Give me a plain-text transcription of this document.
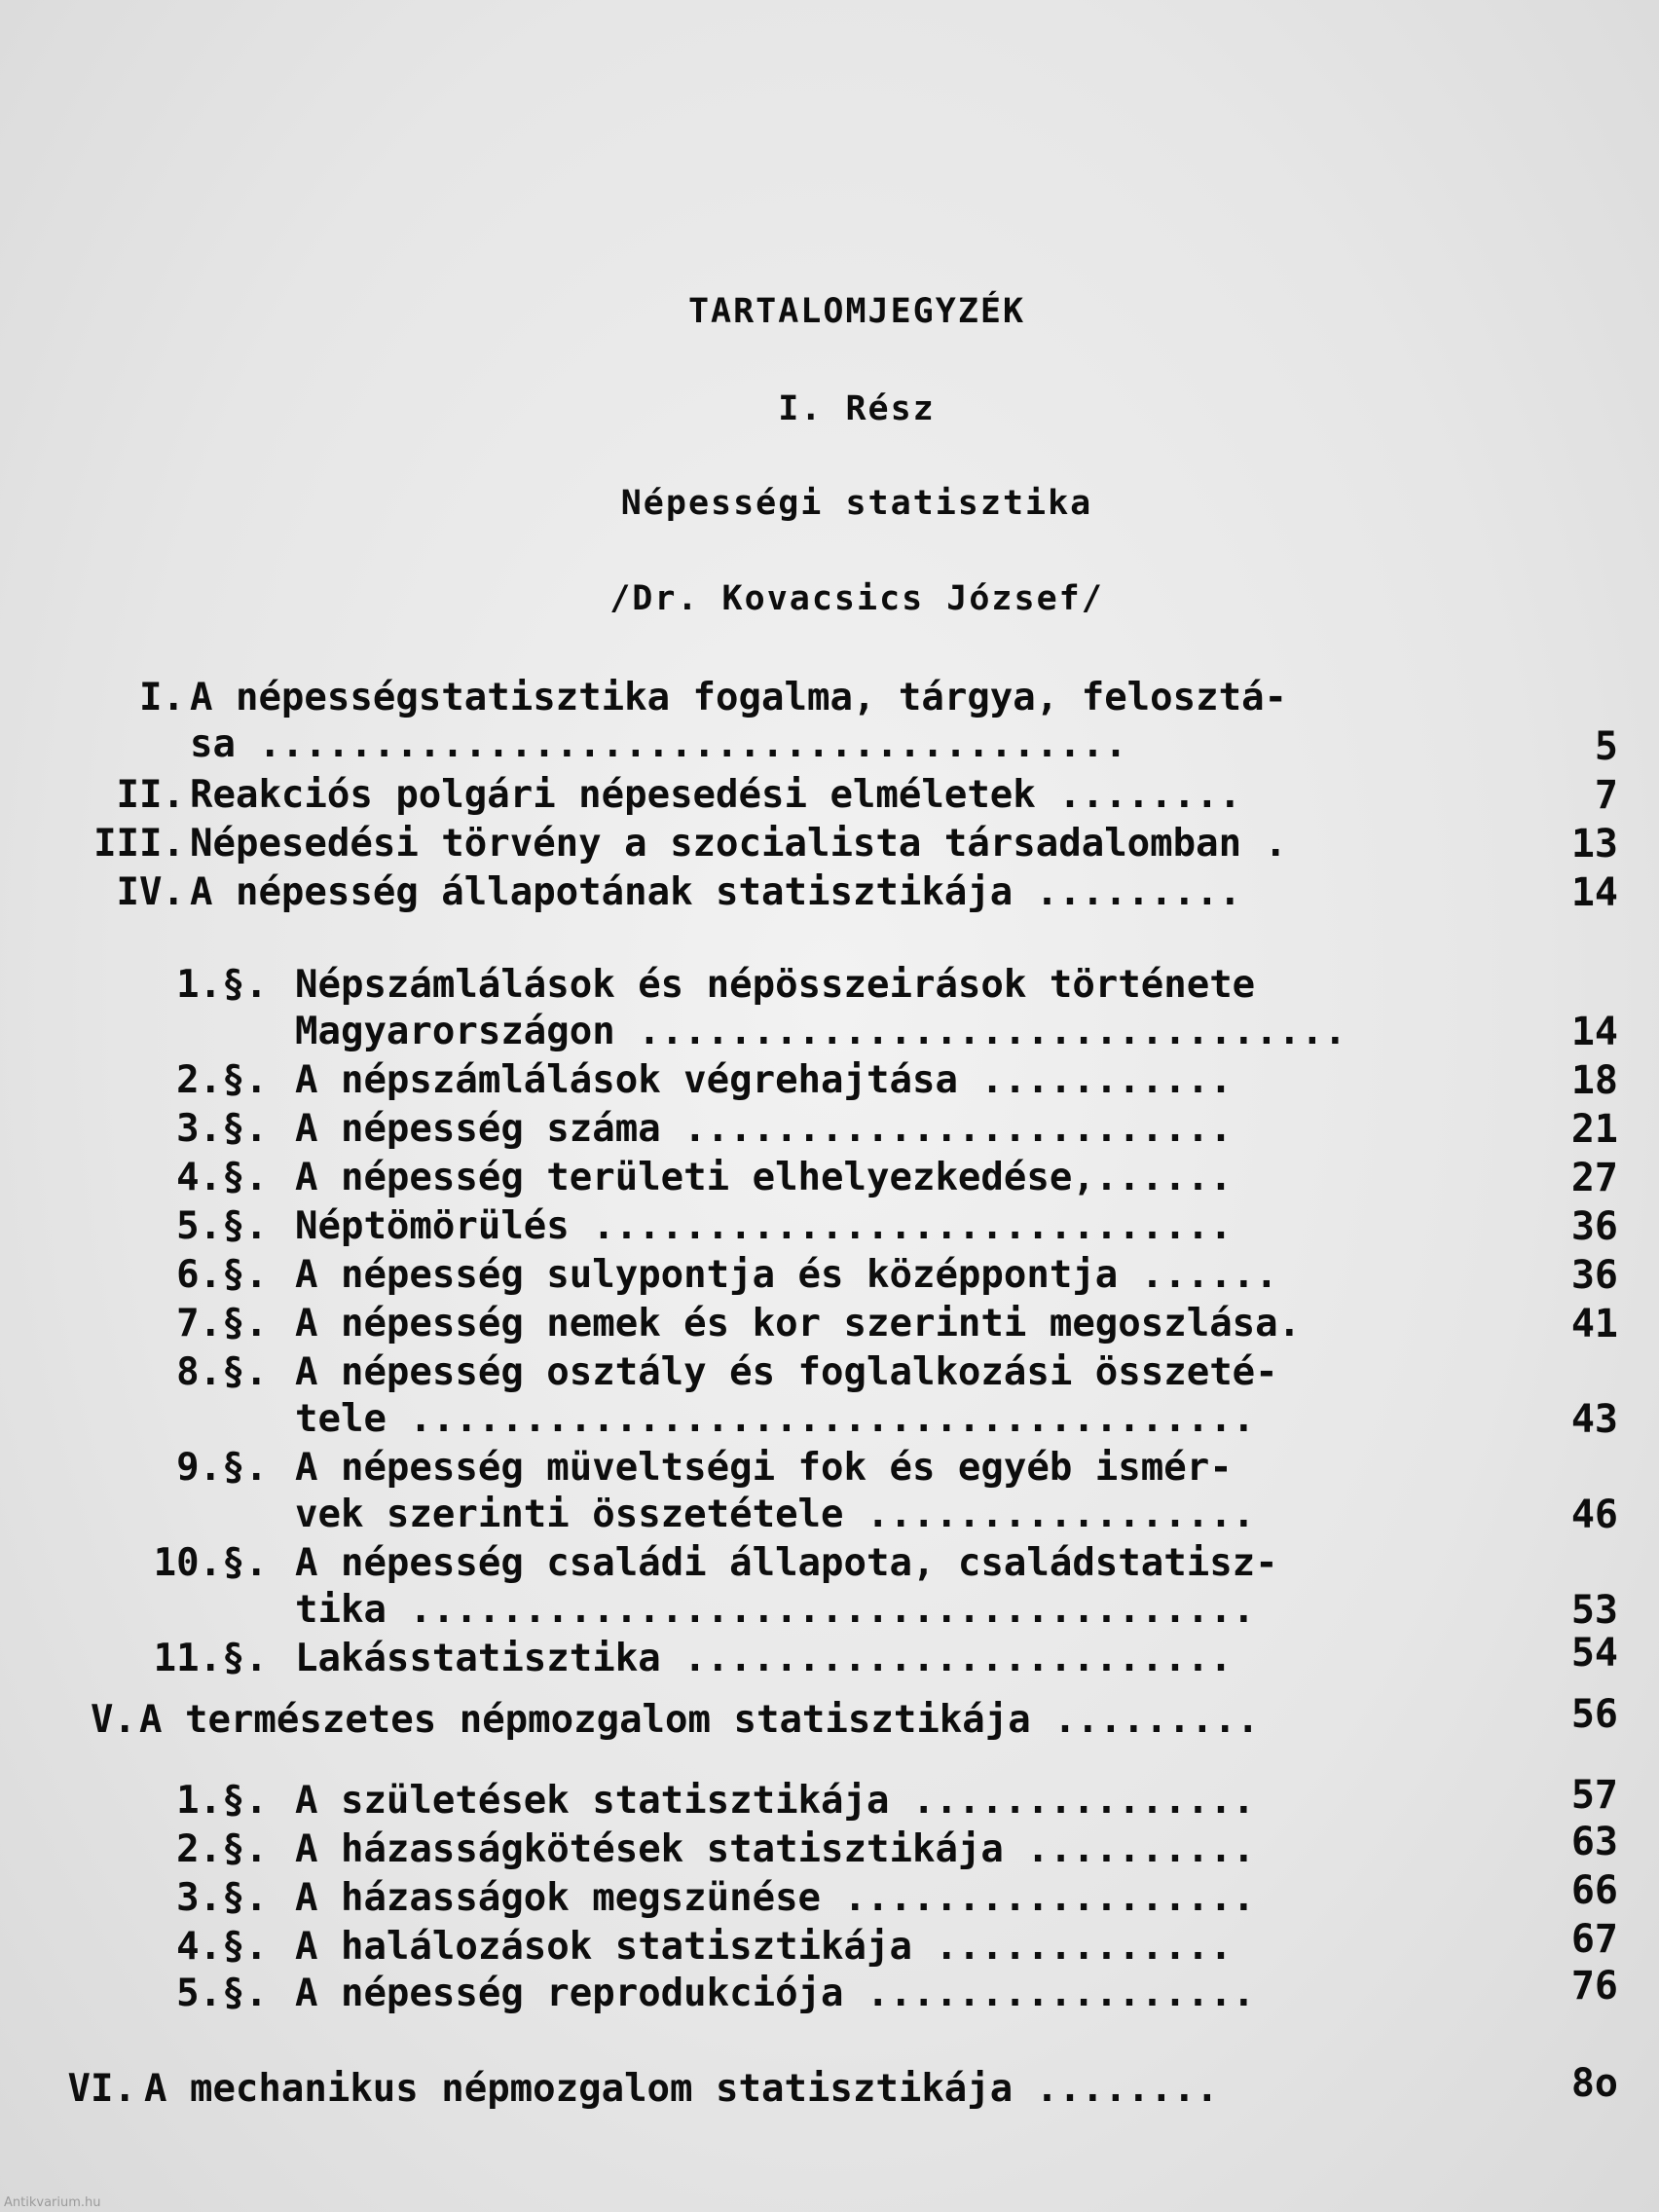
TARTALOMJEGYZÉK
I. Rész
Népességi statisztika
/Dr. Kovacsics József/
I. A népességstatisztika fogalma, tárgya, felosztá-
sa ......................................	5
II. Reakciós polgári népesedési elméletek ........	7
III. Népesedési törvény a szocialista társadalomban .	13
IV. A népesség állapotának statisztikája .........	14
1.§. Népszámlálások és népösszeirások története
Magyarországon ...............................	14
2.§. A népszámlálások végrehajtása ...........	18
3.§. A népesség száma ........................	21
4.§. A népesség területi elhelyezkedése,......	27
5.§. Néptömörülés ............................	36
6.§. A népesség sulypontja és középpontja ......	36
7.§. A népesség nemek és kor szerinti megoszlása.	41
8.§. A népesség osztály és foglalkozási összeté-
tele .....................................	43
9.§. A népesség müveltségi fok és egyéb ismér-
vek szerinti összetétele .................	46
10.§. A népesség családi állapota, családstatisz-
tika .....................................	53
11.§. Lakásstatisztika ........................	54
V. A természetes népmozgalom statisztikája .........	56
1.§. A születések statisztikája ...............	57
2.§. A házasságkötések statisztikája ..........	63
3.§. A házasságok megszünése ..................	66
4.§. A halálozások statisztikája .............	67
5.§. A népesség reprodukciója .................	76
VI. A mechanikus népmozgalom statisztikája ........	8o
Antikvarium.hu
